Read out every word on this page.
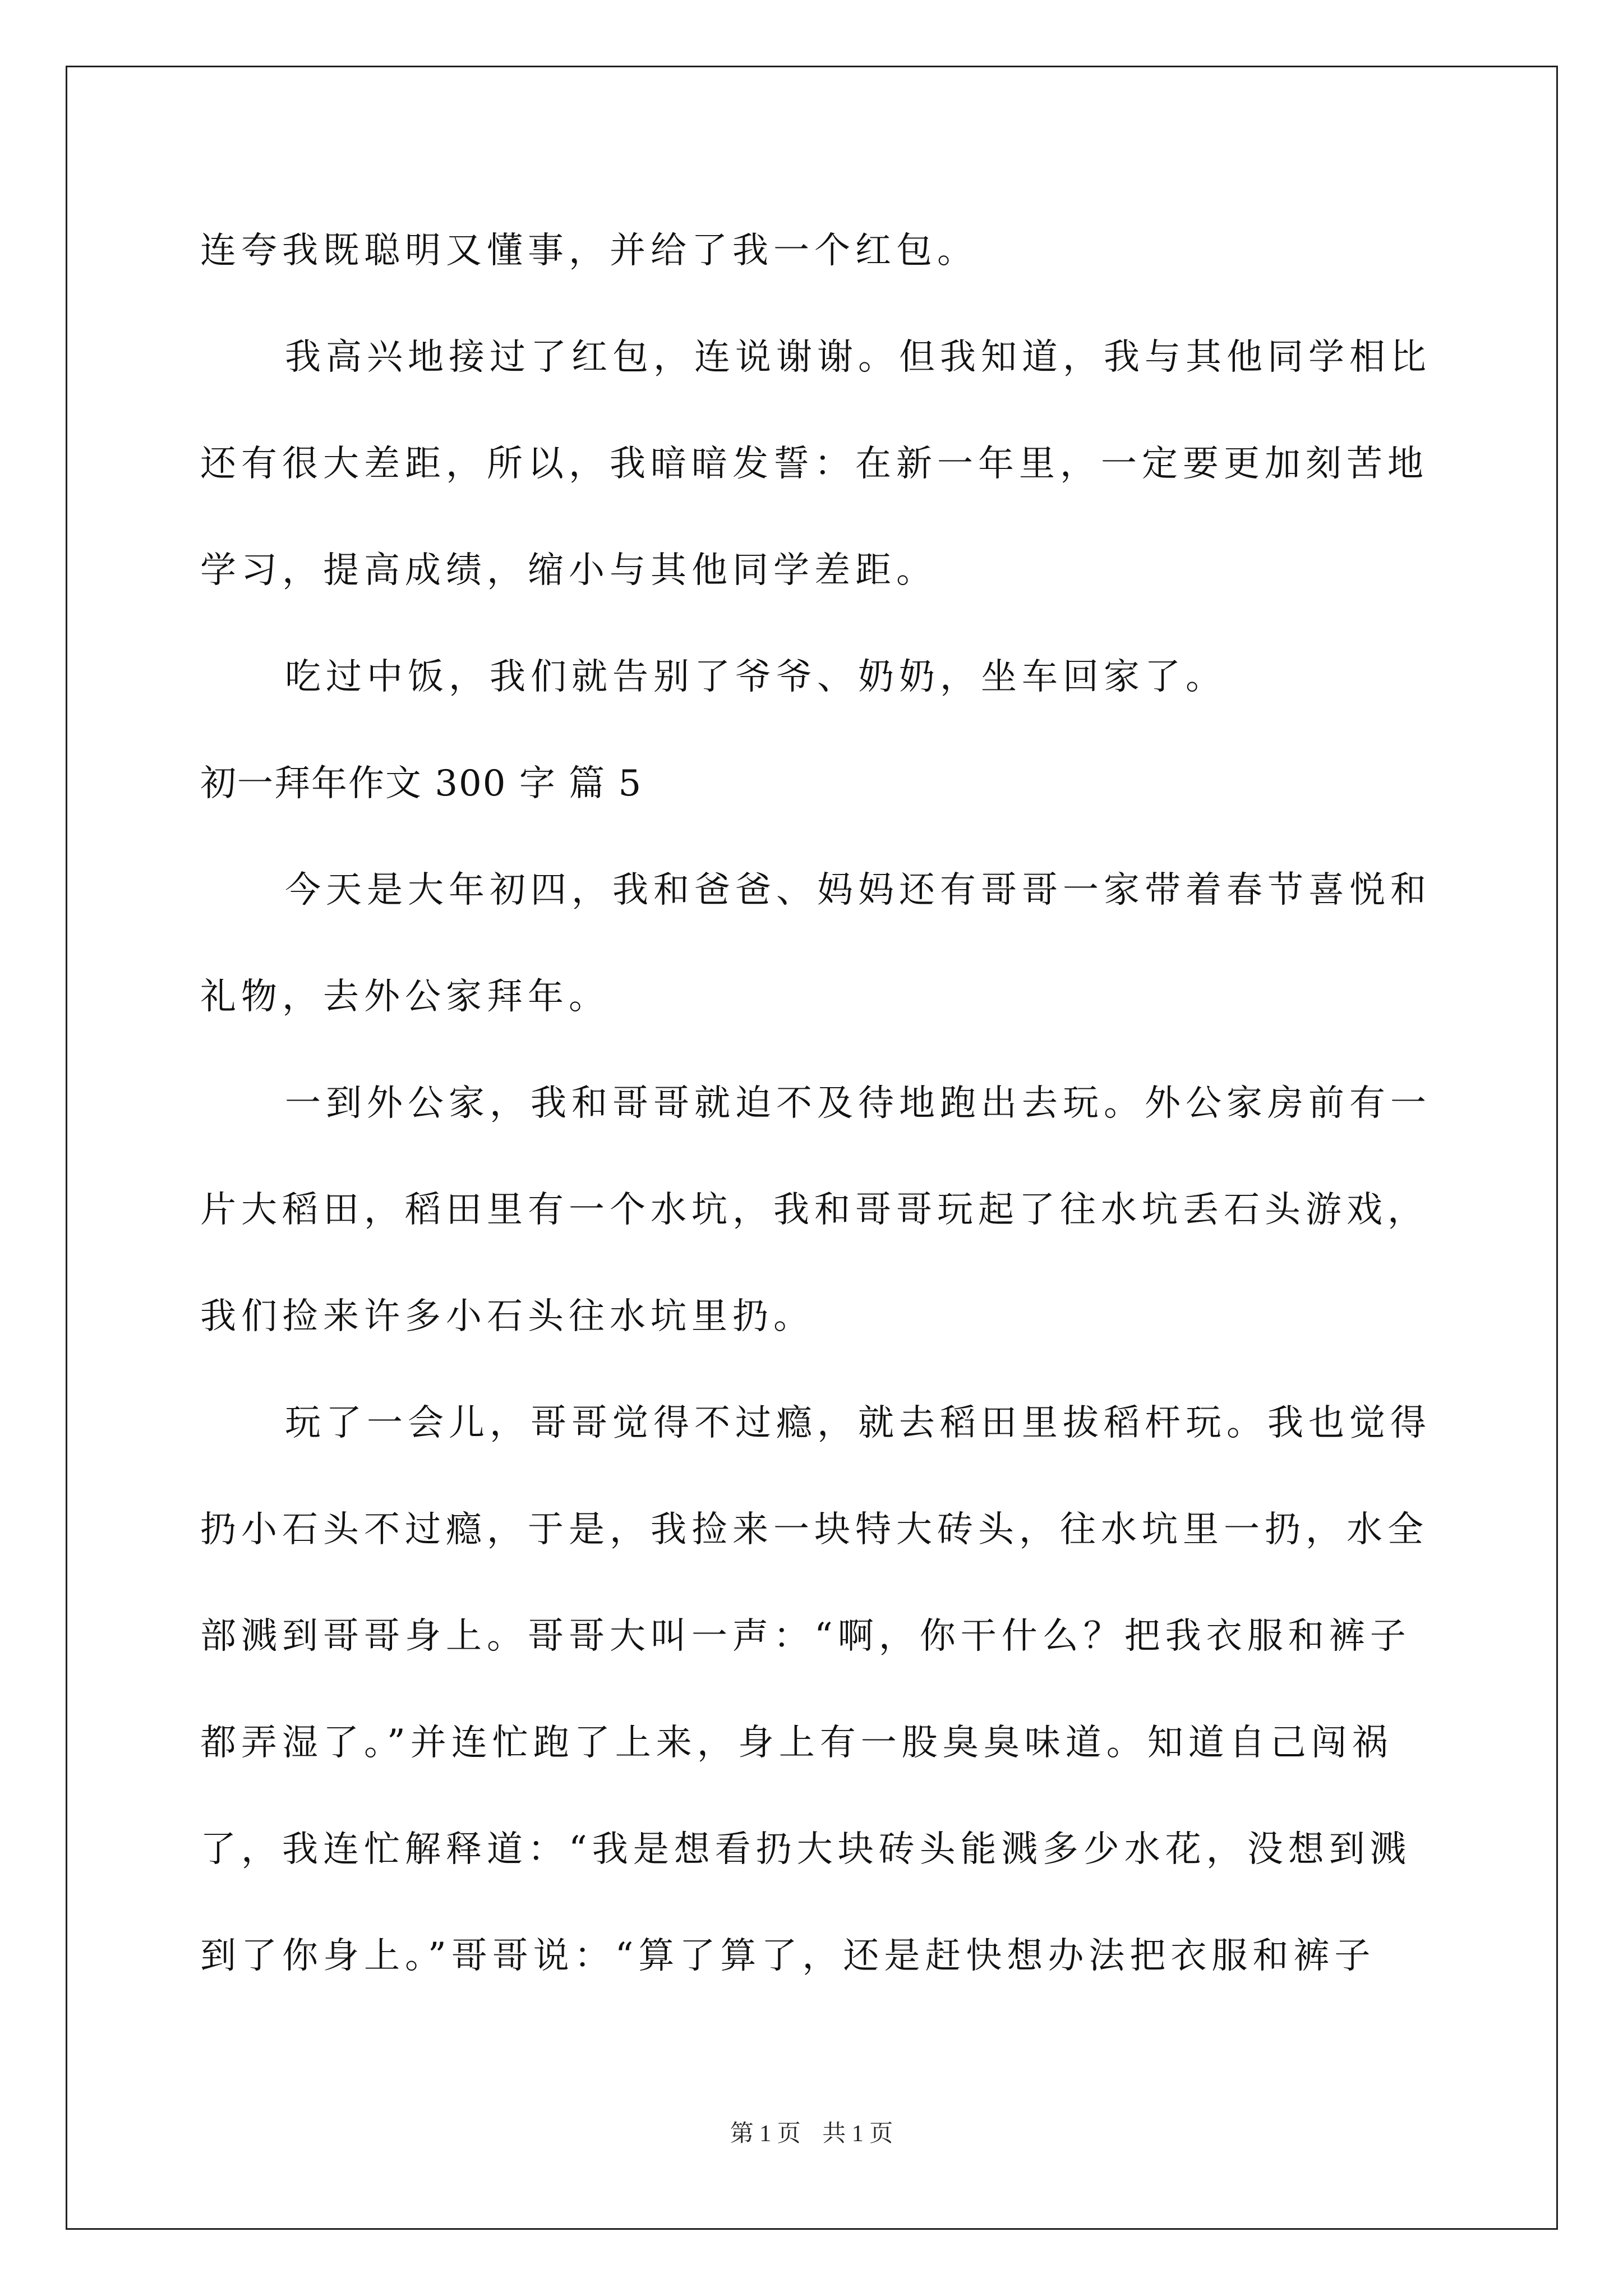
连夸我既聪明又懂事，并给了我一个红包。
我高兴地接过了红包，连说谢谢。但我知道，我与其他同学相比
还有很大差距，所以，我暗暗发誓：在新一年里，一定要更加刻苦地
学习，提高成绩，缩小与其他同学差距。
吃过中饭，我们就告别了爷爷、奶奶，坐车回家了。
初一拜年作文 300 字 篇 5
今天是大年初四，我和爸爸、妈妈还有哥哥一家带着春节喜悦和
礼物，去外公家拜年。
一到外公家，我和哥哥就迫不及待地跑出去玩。外公家房前有一
片大稻田，稻田里有一个水坑，我和哥哥玩起了往水坑丢石头游戏，
我们捡来许多小石头往水坑里扔。
玩了一会儿，哥哥觉得不过瘾，就去稻田里拔稻杆玩。我也觉得
扔小石头不过瘾，于是，我捡来一块特大砖头，往水坑里一扔，水全
部溅到哥哥身上。哥哥大叫一声：“啊，你干什么？把我衣服和裤子
都弄湿了。”并连忙跑了上来，身上有一股臭臭味道。知道自己闯祸
了，我连忙解释道：“我是想看扔大块砖头能溅多少水花，没想到溅
到了你身上。”哥哥说：“算了算了，还是赶快想办法把衣服和裤子
第 1 页 共 1 页
